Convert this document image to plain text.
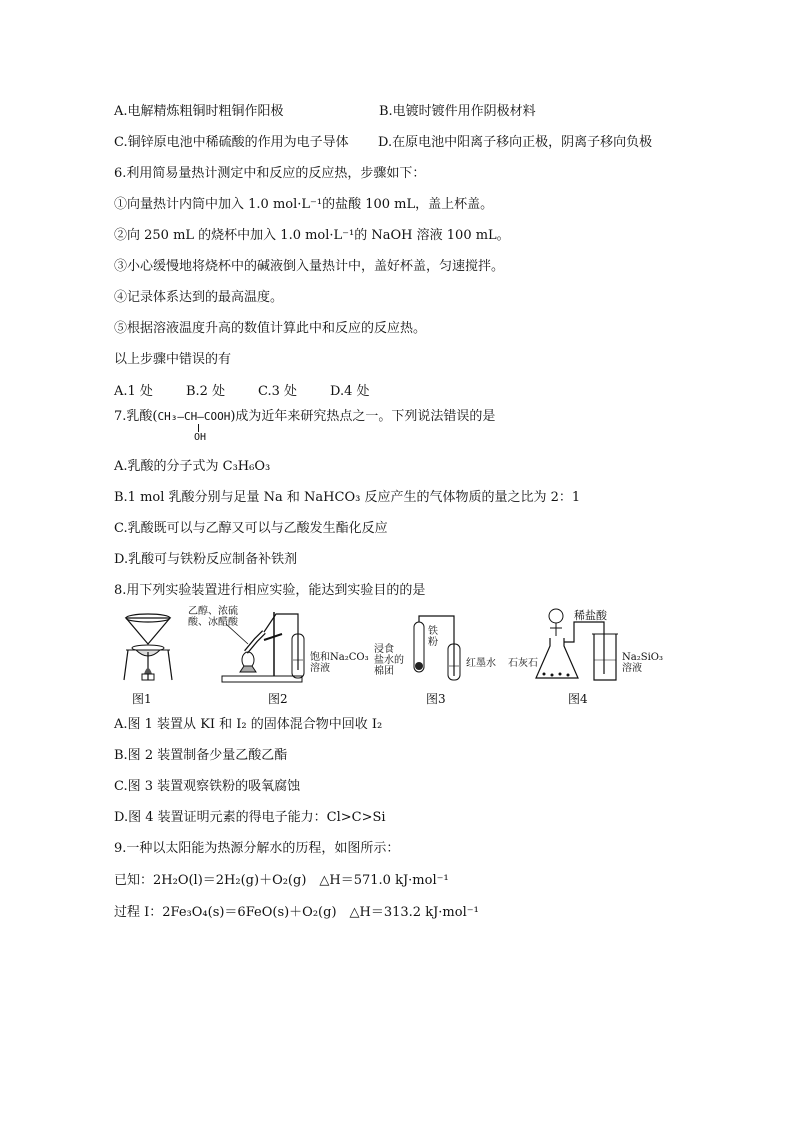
A.电解精炼粗铜时粗铜作阳极	B.电镀时镀件用作阴极材料
C.铜锌原电池中稀硫酸的作用为电子导体 D.在原电池中阳离子移向正极，阴离子移向负极
6.利用简易量热计测定中和反应的反应热，步骤如下：
①向量热计内筒中加入 1.0 mol·L⁻¹的盐酸 100 mL，盖上杯盖。
②向 250 mL 的烧杯中加入 1.0 mol·L⁻¹的 NaOH 溶液 100 mL。
③小心缓慢地将烧杯中的碱液倒入量热计中，盖好杯盖，匀速搅拌。
④记录体系达到的最高温度。
⑤根据溶液温度升高的数值计算此中和反应的反应热。
以上步骤中错误的有
A.1 处	B.2 处	C.3 处	D.4 处
7.乳酸(CH₃—CH—COOH)成为近年来研究热点之一。下列说法错误的是
OH
A.乳酸的分子式为 C₃H₆O₃
B.1 mol 乳酸分别与足量 Na 和 NaHCO₃ 反应产生的气体物质的量之比为 2：1
C.乳酸既可以与乙醇又可以与乙酸发生酯化反应
D.乳酸可与铁粉反应制备补铁剂
8.用下列实验装置进行相应实验，能达到实验目的的是
图1
乙醇、浓硫
酸、冰醋酸
饱和Na₂CO₃
溶液
图2
浸食
盐水的
棉团
铁
粉
红墨水
图3
石灰石
稀盐酸
Na₂SiO₃
溶液
图4
A.图 1 装置从 KI 和 I₂ 的固体混合物中回收 I₂
B.图 2 装置制备少量乙酸乙酯
C.图 3 装置观察铁粉的吸氧腐蚀
D.图 4 装置证明元素的得电子能力：Cl>C>Si
9.一种以太阳能为热源分解水的历程，如图所示：
已知：2H₂O(l)＝2H₂(g)＋O₂(g)　△H＝571.0 kJ·mol⁻¹
过程 I：2Fe₃O₄(s)＝6FeO(s)＋O₂(g)　△H＝313.2 kJ·mol⁻¹
